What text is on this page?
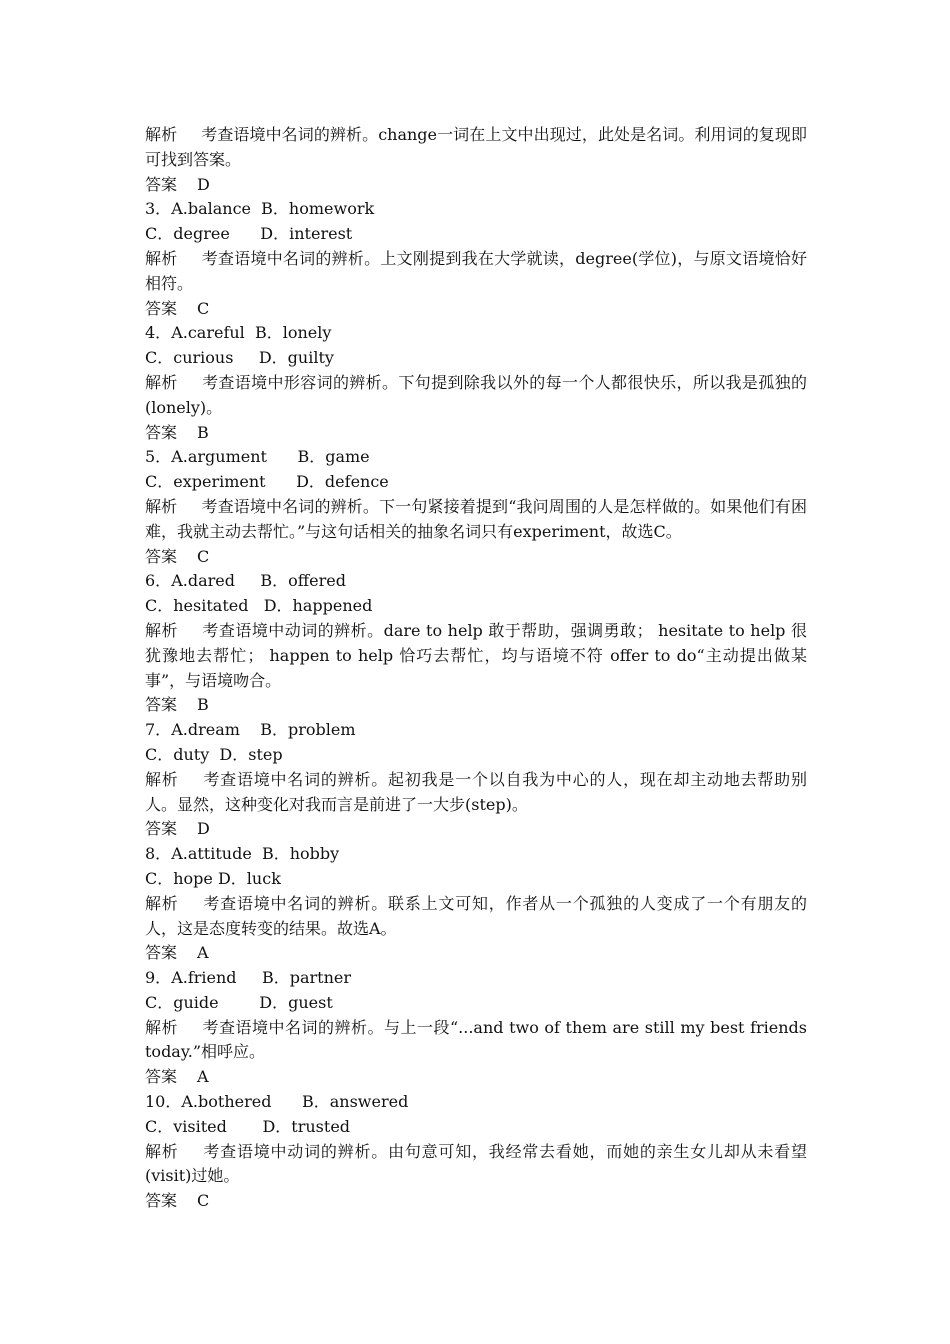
解析 考查语境中名词的辨析。change一词在上文中出现过，此处是名词。利用词的复现即可找到答案。
答案 D
3．A.balance  B．homework
C．degree      D．interest
解析 考查语境中名词的辨析。上文刚提到我在大学就读，degree(学位)，与原文语境恰好相符。
答案 C
4．A.careful  B．lonely
C．curious     D．guilty
解析 考查语境中形容词的辨析。下句提到除我以外的每一个人都很快乐，所以我是孤独的(lonely)。
答案 B
5．A.argument      B．game
C．experiment      D．defence
解析 考查语境中名词的辨析。下一句紧接着提到“我问周围的人是怎样做的。如果他们有困难，我就主动去帮忙。”与这句话相关的抽象名词只有experiment，故选C。
答案 C
6．A.dared     B．offered
C．hesitated   D．happened
解析 考查语境中动词的辨析。dare to help 敢于帮助，强调勇敢； hesitate to help 很犹豫地去帮忙； happen to help 恰巧去帮忙，均与语境不符 offer to do“主动提出做某事”，与语境吻合。
答案 B
7．A.dream    B．problem
C．duty  D．step
解析 考查语境中名词的辨析。起初我是一个以自我为中心的人，现在却主动地去帮助别人。显然，这种变化对我而言是前进了一大步(step)。
答案 D
8．A.attitude  B．hobby
C．hope D．luck
解析 考查语境中名词的辨析。联系上文可知，作者从一个孤独的人变成了一个有朋友的人，这是态度转变的结果。故选A。
答案 A
9．A.friend     B．partner
C．guide        D．guest
解析 考查语境中名词的辨析。与上一段“...and two of them are still my best friends today.”相呼应。
答案 A
10．A.bothered      B．answered
C．visited       D．trusted
解析 考查语境中动词的辨析。由句意可知，我经常去看她，而她的亲生女儿却从未看望(visit)过她。
答案 C
